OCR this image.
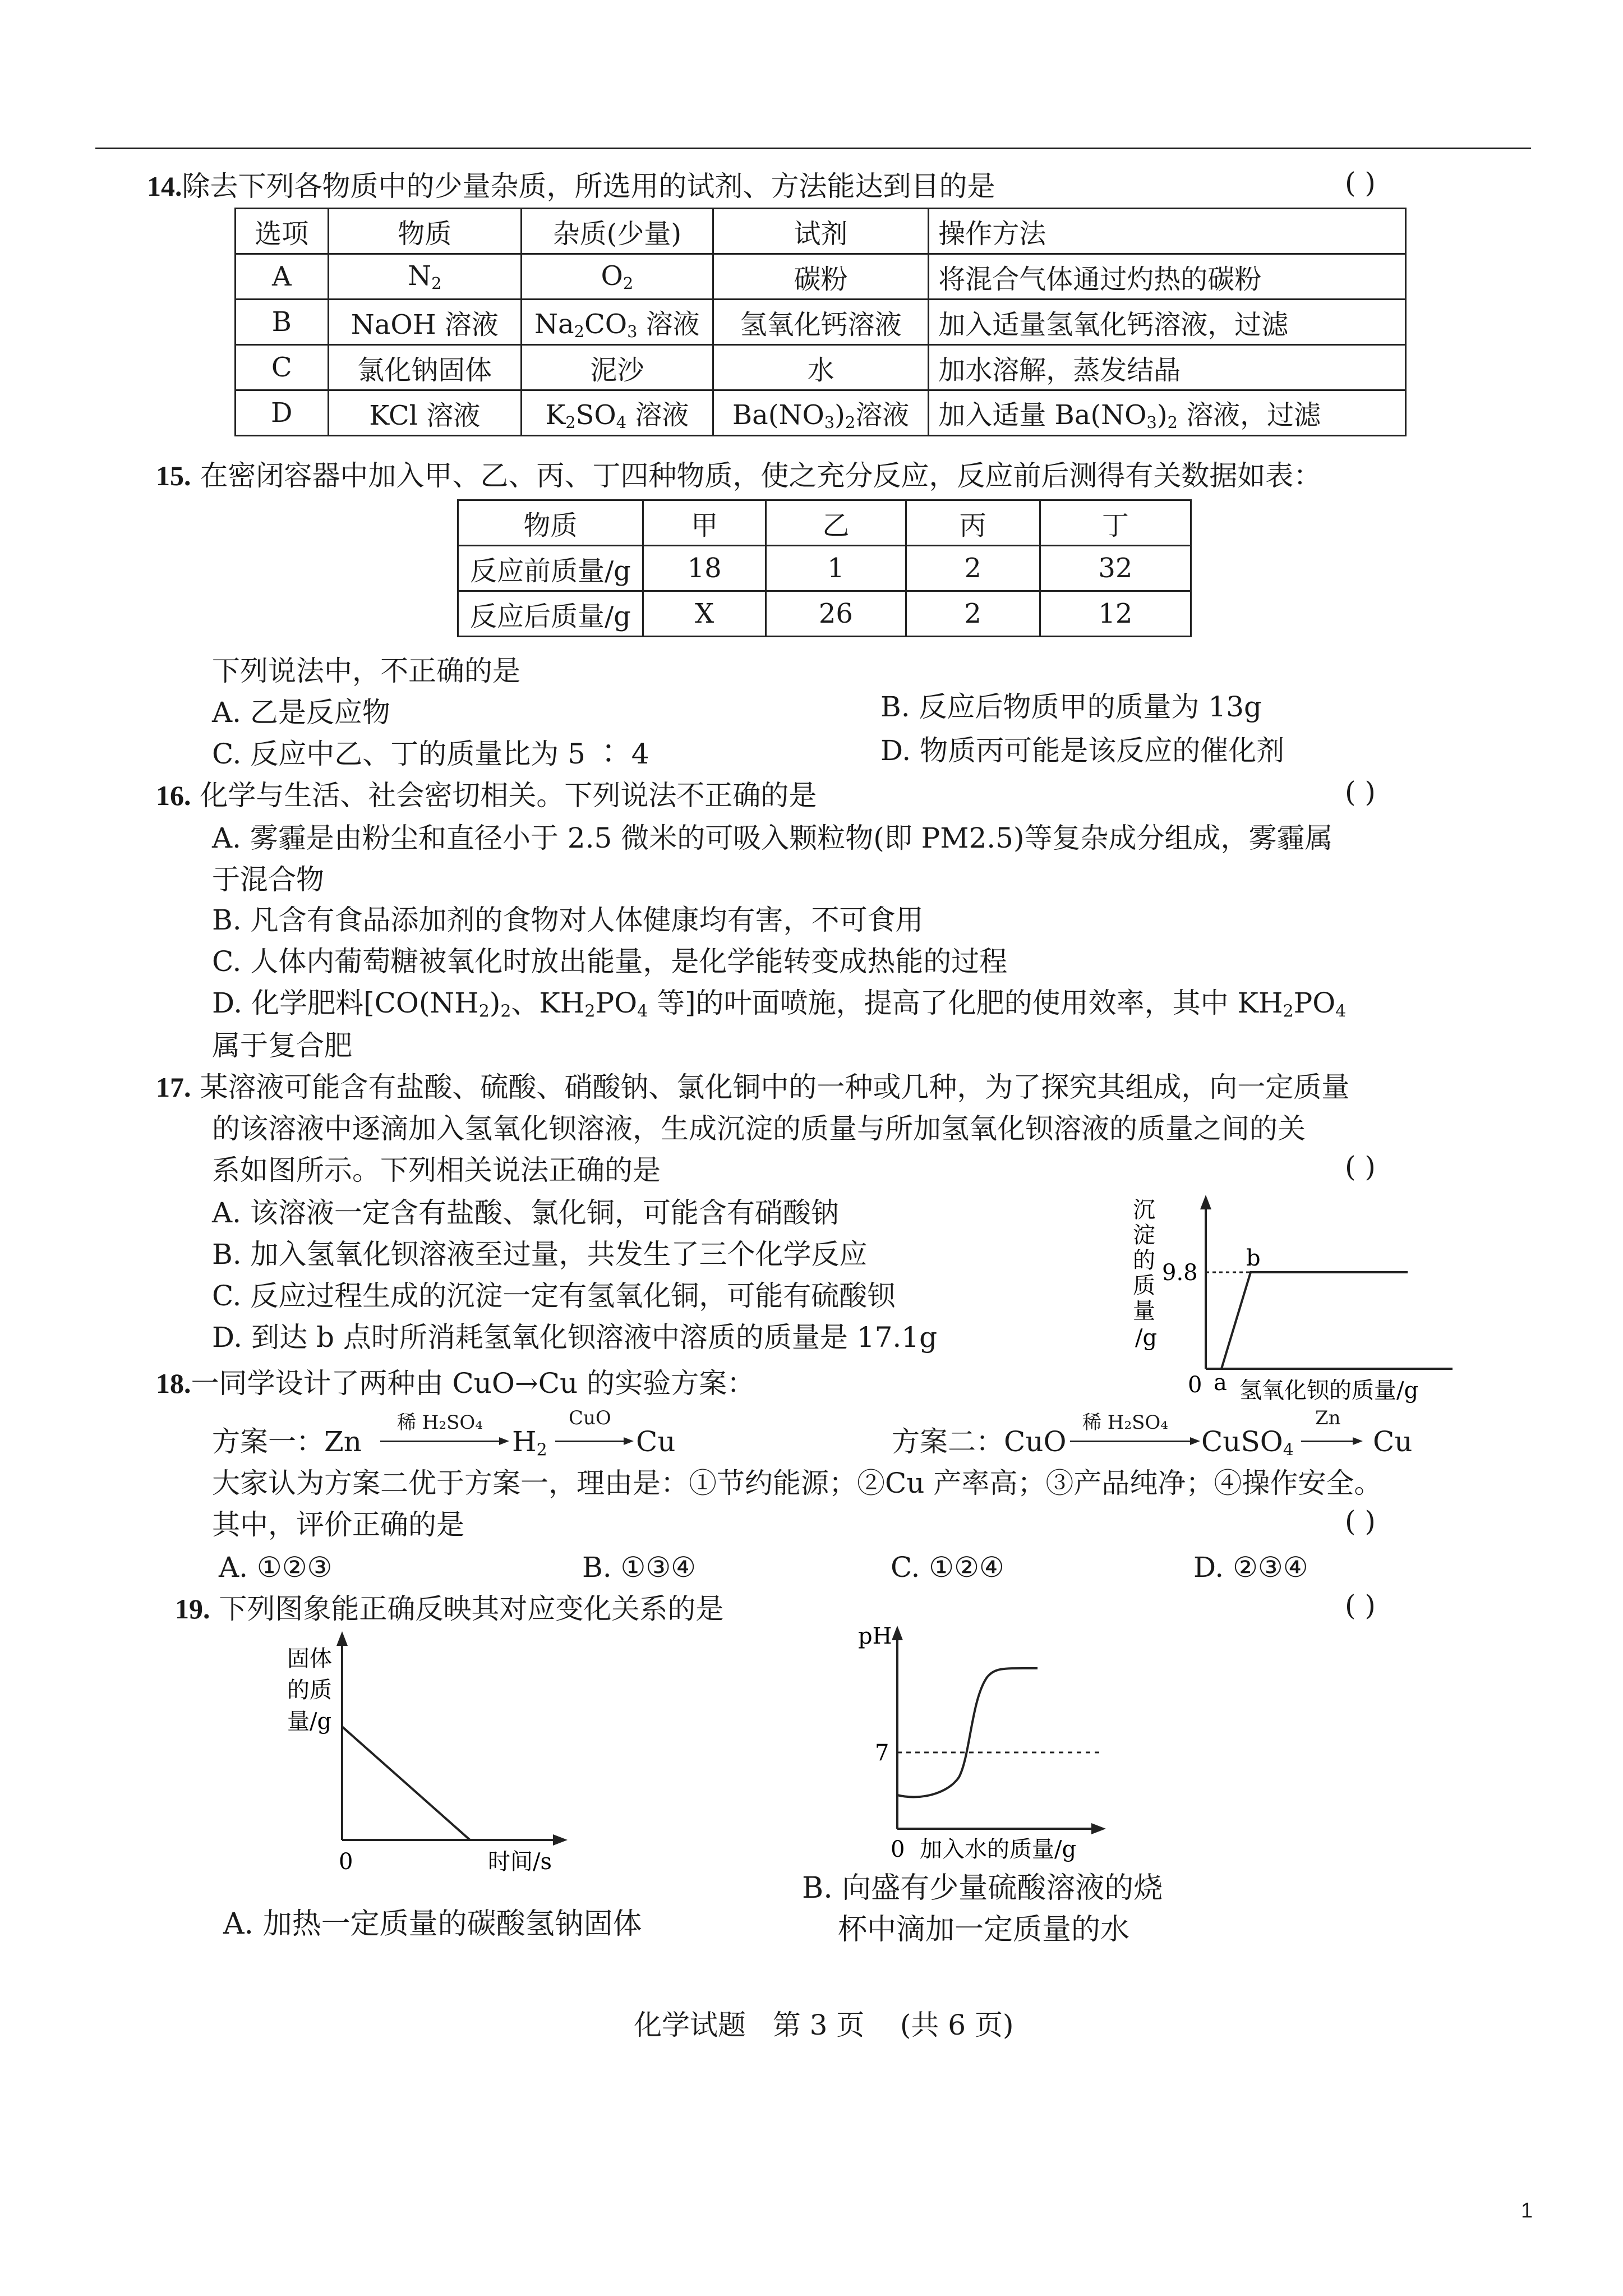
14.除去下列各物质中的少量杂质，所选用的试剂、方法能达到目的是	( )
选项	物质	杂质(少量)	试剂	操作方法
A	$N_2$	$O_2$	碳粉	将混合气体通过灼热的碳粉
B	NaOH 溶液	$Na_2CO_3$ 溶液	氢氧化钙溶液	加入适量氢氧化钙溶液，过滤
C	氯化钠固体	泥沙	水	加水溶解，蒸发结晶
D	KCl 溶液	$K_2SO_4$ 溶液	$Ba(NO_3)_2$溶液	加入适量 $Ba(NO_3)_2$ 溶液，过滤
15. 在密闭容器中加入甲、乙、丙、丁四种物质，使之充分反应，反应前后测得有关数据如表：
物质	甲	乙	丙	丁
反应前质量/g	18	1	2	32
反应后质量/g	X	26	2	12
下列说法中，不正确的是
A. 乙是反应物	B. 反应后物质甲的质量为 13g
C. 反应中乙、丁的质量比为 5 ∶ 4	D. 物质丙可能是该反应的催化剂
16. 化学与生活、社会密切相关。下列说法不正确的是	( )
A. 雾霾是由粉尘和直径小于 2.5 微米的可吸入颗粒物(即 PM2.5)等复杂成分组成，雾霾属
于混合物
B. 凡含有食品添加剂的食物对人体健康均有害，不可食用
C. 人体内葡萄糖被氧化时放出能量，是化学能转变成热能的过程
D. 化学肥料[$CO(NH_2)_2$、$KH_2PO_4$ 等]的叶面喷施，提高了化肥的使用效率，其中 $KH_2PO_4$
属于复合肥
17. 某溶液可能含有盐酸、硫酸、硝酸钠、氯化铜中的一种或几种，为了探究其组成，向一定质量
的该溶液中逐滴加入氢氧化钡溶液，生成沉淀的质量与所加氢氧化钡溶液的质量之间的关
系如图所示。下列相关说法正确的是	( )
A. 该溶液一定含有盐酸、氯化铜，可能含有硝酸钠
B. 加入氢氧化钡溶液至过量，共发生了三个化学反应
C. 反应过程生成的沉淀一定有氢氧化铜，可能有硫酸钡
D. 到达 b 点时所消耗氢氧化钡溶液中溶质的质量是 17.1g
沉
淀
的
质
量
/g
9.8
b
0 a 氢氧化钡的质量/g
18.一同学设计了两种由 CuO→Cu 的实验方案：
方案一：Zn
稀 H₂SO₄
$H_2$
CuO
Cu	方案二：CuO
稀 H₂SO₄
CuSO$_4$
Zn
Cu
大家认为方案二优于方案一，理由是：①节约能源；②Cu 产率高；③产品纯净；④操作安全。
其中，评价正确的是	( )
A. ①②③	B. ①③④	C. ①②④	D. ②③④
19. 下列图象能正确反映其对应变化关系的是	( )
固体
的质
量/g
0	时间/s
A. 加热一定质量的碳酸氢钠固体
pH
7
0 加入水的质量/g
B. 向盛有少量硫酸溶液的烧
杯中滴加一定质量的水
化学试题 第 3 页 (共 6 页)
1
